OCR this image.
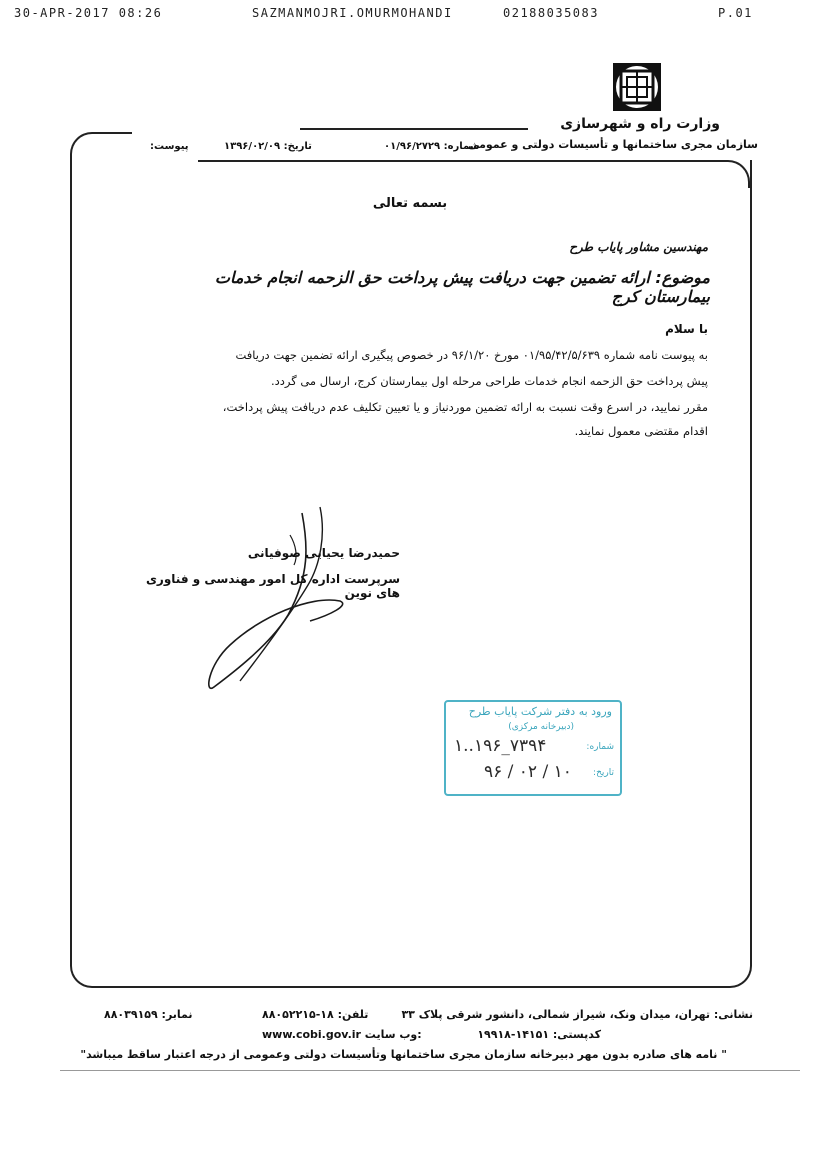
30-APR-2017 08:26	SAZMANMOJRI.OMURMOHANDI	02188035083	P.01
وزارت راه و شهرسازی
سازمان مجری ساختمانها و تأسیسات دولتی و عمومی
شماره: ۰۱/۹۶/۲۷۲۹
تاریخ: ۱۳۹۶/۰۲/۰۹
پیوست:
بسمه تعالی
مهندسین مشاور پایاب طرح
موضوع: ارائه تضمین جهت دریافت پیش پرداخت حق الزحمه انجام خدمات بیمارستان کرج
با سلام
به پیوست نامه شماره ۰۱/۹۵/۴۲/۵/۶۳۹ مورخ ۹۶/۱/۲۰ در خصوص پیگیری ارائه تضمین جهت دریافت
پیش پرداخت حق الزحمه انجام خدمات طراحی مرحله اول بیمارستان کرج، ارسال می گردد.
مقرر نمایید، در اسرع وقت نسبت به ارائه تضمین موردنیاز و یا تعیین تکلیف عدم دریافت پیش پرداخت،
اقدام مقتضی معمول نمایند.
حمیدرضا یحیایی صوفیانی
سرپرست اداره کل امور مهندسی و فناوری های نوین
ورود به دفتر شرکت پایاب طرح
(دبیرخانه مرکزی)
شماره:
۱..۱۹۶_۷۳۹۴
تاریخ:
۹۶ / ۰۲ / ۱۰
نشانی: تهران، میدان ونک، شیراز شمالی، دانشور شرقی پلاک ۳۳
تلفن: ۱۸-۸۸۰۵۲۲۱۵
نمابر: ۸۸۰۳۹۱۵۹
کدپستی: ۱۴۱۵۱-۱۹۹۱۸
www.cobi.gov.ir وب سایت:
" نامه های صادره بدون مهر دبیرخانه سازمان مجری ساختمانها وتأسیسات دولتی وعمومی از درجه اعتبار ساقط میباشد"
